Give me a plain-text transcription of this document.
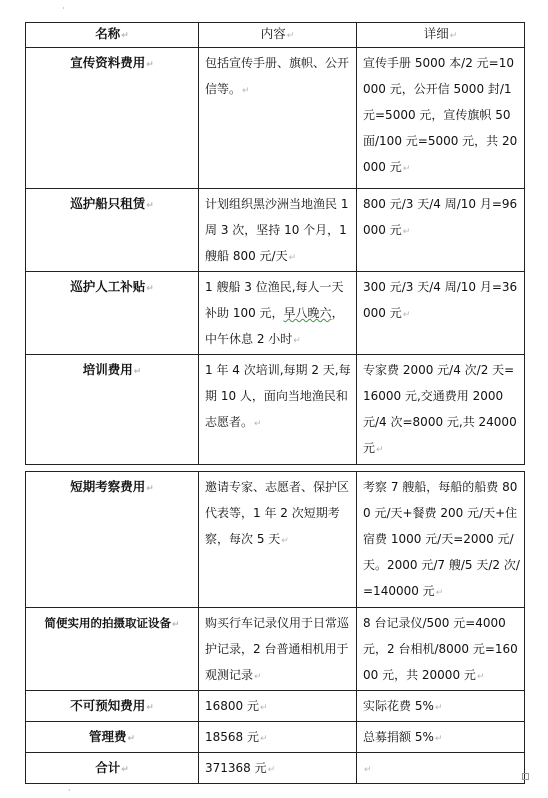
·
名称↵	内容↵	详细↵
宣传资料费用↵	包括宣传手册、旗帜、公开信等。↵	宣传手册 5000 本/2 元=10000 元，公开信 5000 封/1 元=5000 元，宣传旗帜 50 面/100 元=5000 元，共 20000 元↵
巡护船只租赁↵	计划组织黑沙洲当地渔民 1 周 3 次，坚持 10 个月，1 艘船 800 元/天↵	800 元/3 天/4 周/10 月=96000 元↵
巡护人工补贴↵	1 艘船 3 位渔民,每人一天补助 100 元，早八晚六，中午休息 2 小时↵	300 元/3 天/4 周/10 月=36000 元↵
培训费用↵	1 年 4 次培训,每期 2 天,每期 10 人，面向当地渔民和志愿者。↵	专家费 2000 元/4 次/2 天=16000 元,交通费用 2000 元/4 次=8000 元,共 24000 元↵
短期考察费用↵	邀请专家、志愿者、保护区代表等，1 年 2 次短期考察，每次 5 天↵	考察 7 艘船，每船的船费 800 元/天+餐费 200 元/天+住宿费 1000 元/天=2000 元/天。2000 元/7 艘/5 天/2 次/=140000 元↵
简便实用的拍摄取证设备↵	购买行车记录仪用于日常巡护记录，2 台普通相机用于观测记录↵	8 台记录仪/500 元=4000 元，2 台相机/8000 元=16000 元，共 20000 元↵
不可预知费用↵	16800 元↵	实际花费 5%↵
管理费↵	18568 元↵	总募捐额 5%↵
合计↵	371368 元↵	↵
·
